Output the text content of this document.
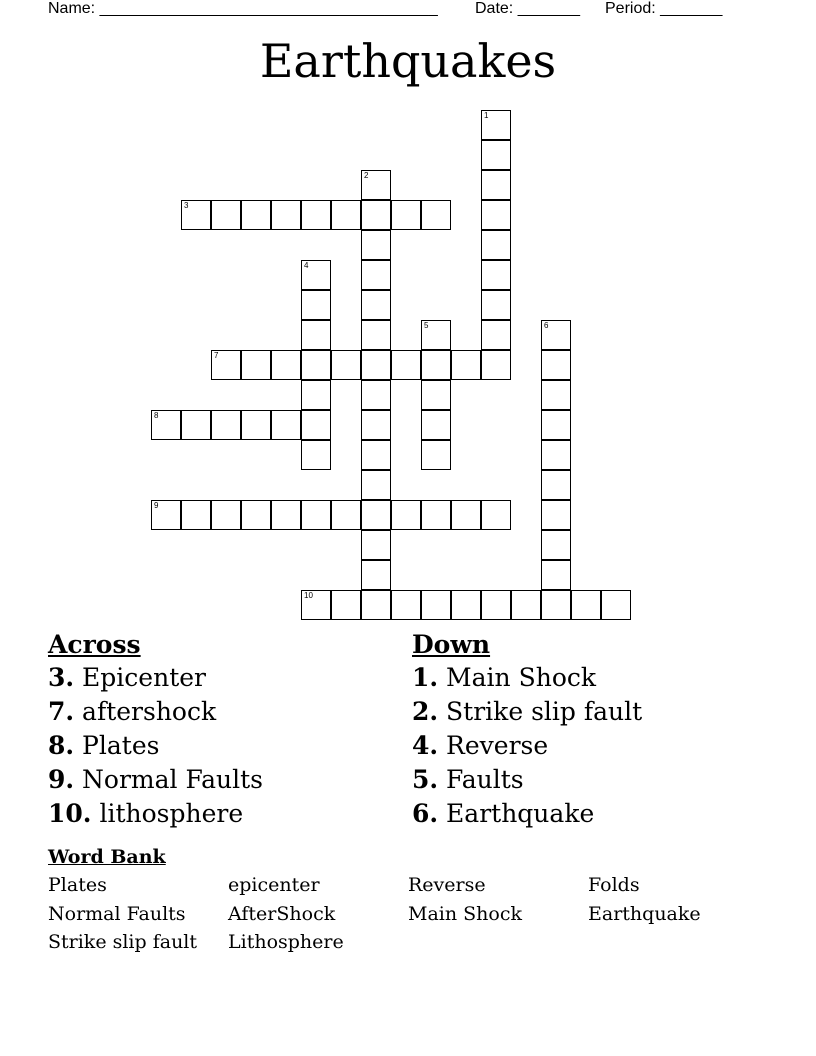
Name: ______________________________________ Date: _______ Period: _______
Earthquakes
1
2
3
4
5	6
7
8
9
10
Across
3. Epicenter
7. aftershock
8. Plates
9. Normal Faults
10. lithosphere
Down
1. Main Shock
2. Strike slip fault
4. Reverse
5. Faults
6. Earthquake
Word Bank
Plates
Normal Faults
Strike slip fault
epicenter
AfterShock
Lithosphere
Reverse
Main Shock
Folds
Earthquake
